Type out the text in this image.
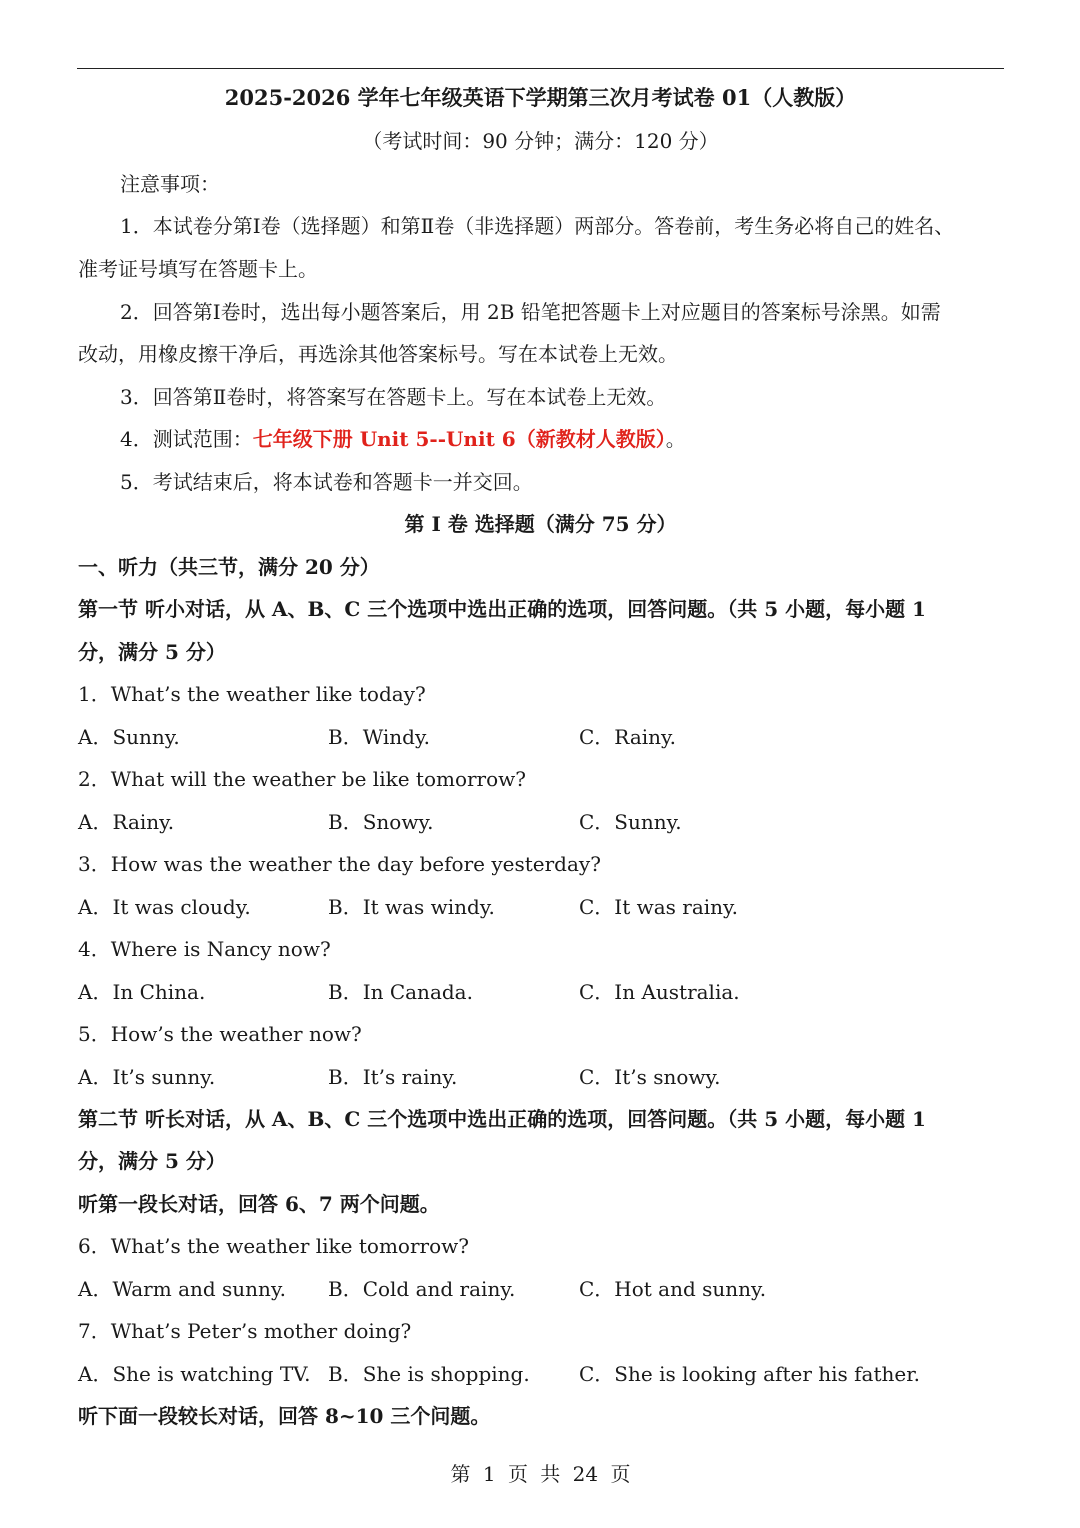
2025-2026 学年七年级英语下学期第三次月考试卷 01（人教版）
（考试时间：90 分钟；满分：120 分）
注意事项：
1．本试卷分第Ⅰ卷（选择题）和第Ⅱ卷（非选择题）两部分。答卷前，考生务必将自己的姓名、
准考证号填写在答题卡上。
2．回答第Ⅰ卷时，选出每小题答案后，用 2B 铅笔把答题卡上对应题目的答案标号涂黑。如需
改动，用橡皮擦干净后，再选涂其他答案标号。写在本试卷上无效。
3．回答第Ⅱ卷时，将答案写在答题卡上。写在本试卷上无效。
4．测试范围：七年级下册 Unit 5--Unit 6（新教材人教版）。
5．考试结束后，将本试卷和答题卡一并交回。
第 I 卷 选择题（满分 75 分）
一、听力（共三节，满分 20 分）
第一节 听小对话，从 A、B、C 三个选项中选出正确的选项，回答问题。（共 5 小题，每小题 1
分，满分 5 分）
1．What’s the weather like today?
A．Sunny.	B．Windy.	C．Rainy.
2．What will the weather be like tomorrow?
A．Rainy.	B．Snowy.	C．Sunny.
3．How was the weather the day before yesterday?
A．It was cloudy.	B．It was windy.	C．It was rainy.
4．Where is Nancy now?
A．In China.	B．In Canada.	C．In Australia.
5．How’s the weather now?
A．It’s sunny.	B．It’s rainy.	C．It’s snowy.
第二节 听长对话，从 A、B、C 三个选项中选出正确的选项，回答问题。（共 5 小题，每小题 1
分，满分 5 分）
听第一段长对话，回答 6、7 两个问题。
6．What’s the weather like tomorrow?
A．Warm and sunny. B．Cold and rainy.	C．Hot and sunny.
7．What’s Peter’s mother doing?
A．She is watching TV. B．She is shopping. C．She is looking after his father.
听下面一段较长对话，回答 8~10 三个问题。
第 1 页 共 24 页
